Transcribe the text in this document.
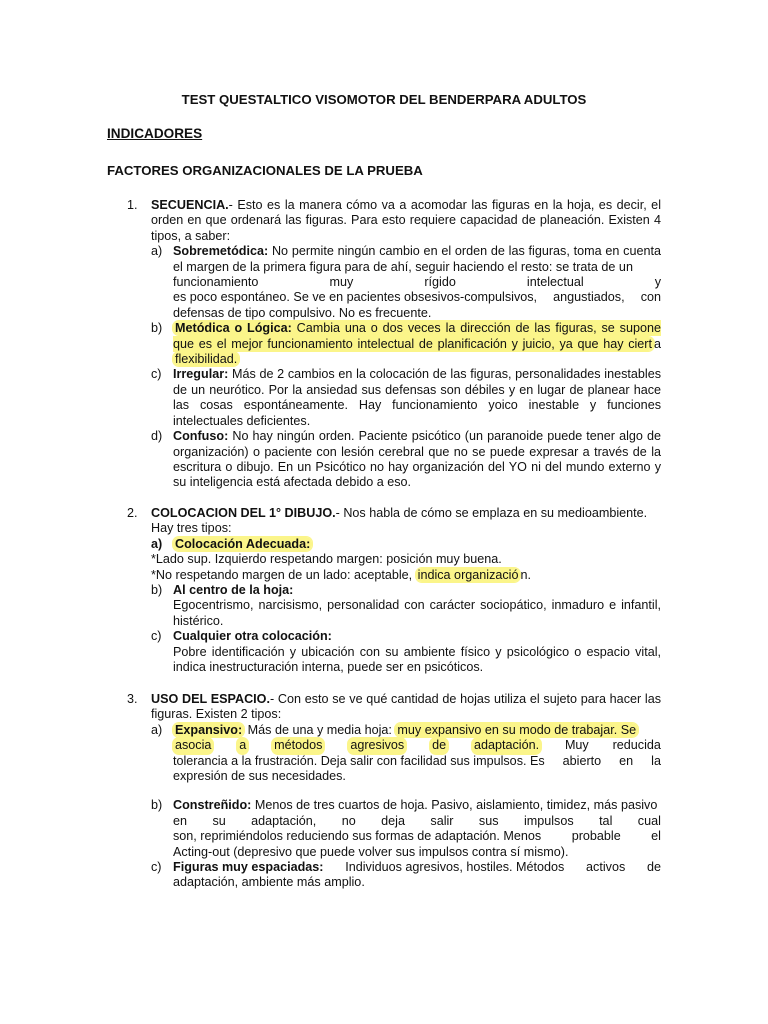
TEST QUESTALTICO VISOMOTOR DEL BENDERPARA ADULTOS
INDICADORES
FACTORES ORGANIZACIONALES DE LA PRUEBA
1.	SECUENCIA.- Esto es la manera cómo va a acomodar las figuras en la hoja, es decir, el orden en que ordenará las figuras. Para esto requiere capacidad de planeación. Existen 4 tipos, a saber:
a) Sobremetódica: No permite ningún cambio en el orden de las figuras, toma en cuenta el margen de la primera figura para de ahí, seguir haciendo el resto: se trata de un
funcionamiento	muy	rígido	intelectual	y
es poco espontáneo. Se ve en pacientes obsesivos-compulsivos, angustiados, con
defensas de tipo compulsivo. No es frecuente.
b)	Metódica o Lógica: Cambia una o dos veces la dirección de las figuras, se supone que es el mejor funcionamiento intelectual de planificación y juicio, ya que hay ciert a flexibilidad.
c) Irregular: Más de 2 cambios en la colocación de las figuras, personalidades inestables de un neurótico. Por la ansiedad sus defensas son débiles y en lugar de planear hace las cosas espontáneamente. Hay funcionamiento yoico inestable y funciones intelectuales deficientes.
d) Confuso: No hay ningún orden. Paciente psicótico (un paranoide puede tener algo de organización) o paciente con lesión cerebral que no se puede expresar a través de la escritura o dibujo. En un Psicótico no hay organización del YO ni del mundo externo y su inteligencia está afectada debido a eso.
2.	COLOCACION DEL 1° DIBUJO.- Nos habla de cómo se emplaza en su medioambiente.
Hay tres tipos:
a)	Colocación Adecuada:
*Lado sup. Izquierdo respetando margen: posición muy buena.
*No respetando margen de un lado: aceptable, indica organizació n.
b) Al centro de la hoja:
Egocentrismo, narcisismo, personalidad con carácter sociopático, inmaduro e infantil, histérico.
c) Cualquier otra colocación:
Pobre identificación y ubicación con su ambiente físico y psicológico o espacio vital, indica inestructuración interna, puede ser en psicóticos.
3.	USO DEL ESPACIO.- Con esto se ve qué cantidad de hojas utiliza el sujeto para hacer las figuras. Existen 2 tipos:
a)	Expansivo: Más de una y media hoja: muy expansivo en su modo de trabajar. Se
asocia a métodos agresivos de adaptación. Muy reducida
tolerancia a la frustración. Deja salir con facilidad sus impulsos. Es abierto en la
expresión de sus necesidades.
b) Constreñido: Menos de tres cuartos de hoja. Pasivo, aislamiento, timidez, más pasivo
en su adaptación, no deja salir sus impulsos tal cual
son, reprimiéndolos reduciendo sus formas de adaptación. Menos probable el
Acting-out (depresivo que puede volver sus impulsos contra sí mismo).
c) Figuras muy espaciadas: Individuos agresivos, hostiles. Métodos activos de
adaptación, ambiente más amplio.
